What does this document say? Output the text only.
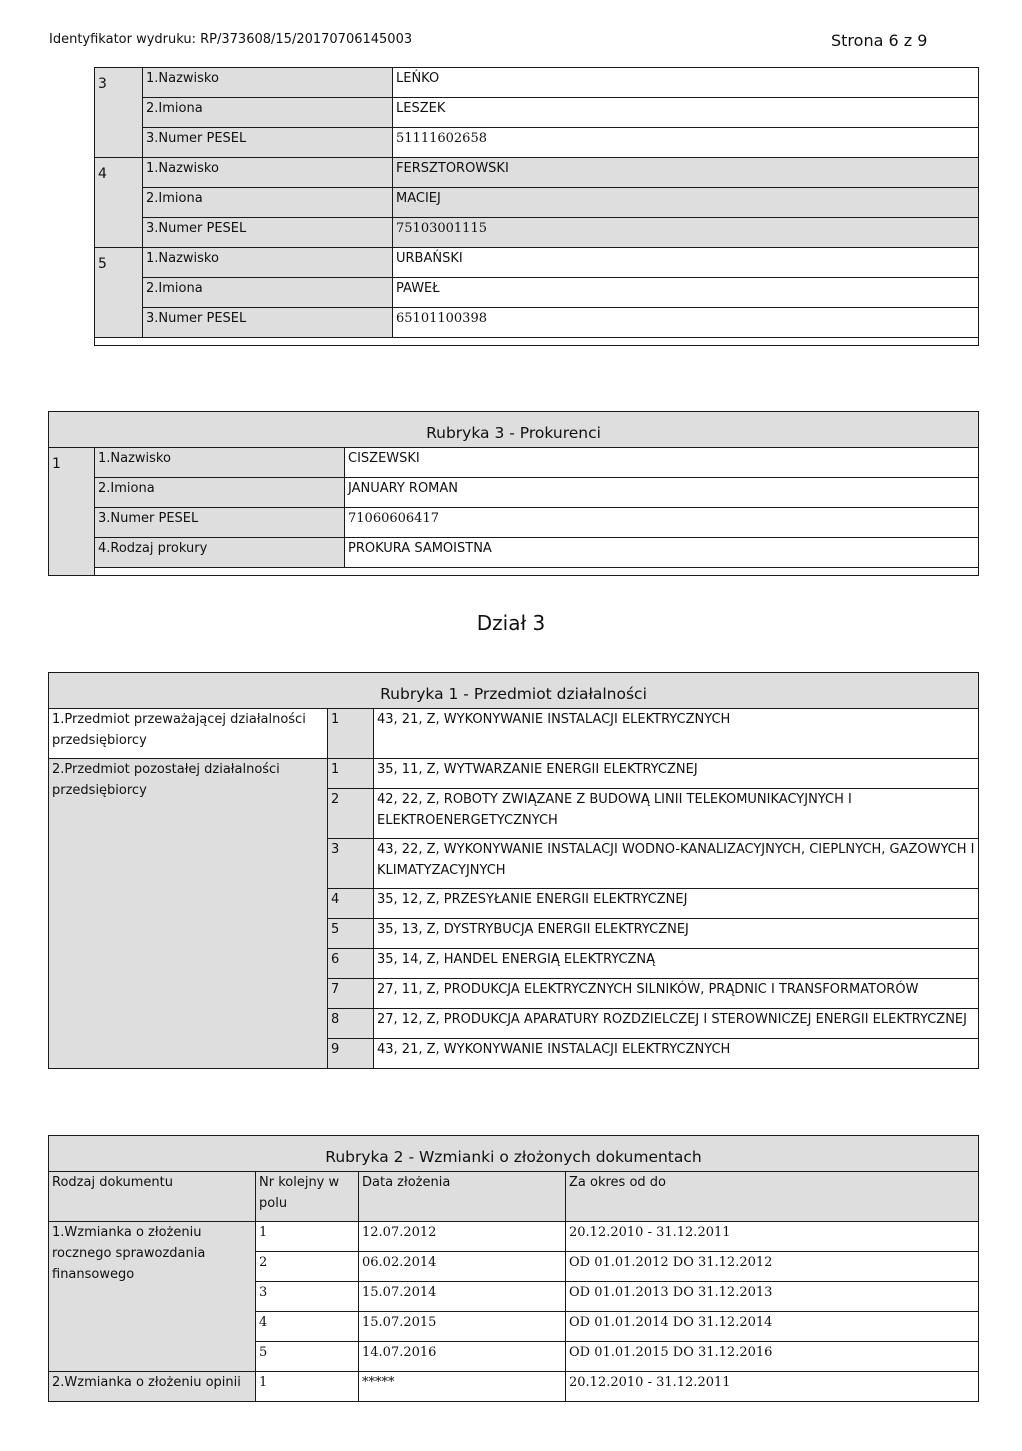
Identyfikator wydruku: RP/373608/15/20170706145003	Strona 6 z 9
3	1.Nazwisko	LEŃKO
	2.Imiona	LESZEK
	3.Numer PESEL	51111602658
4	1.Nazwisko	FERSZTOROWSKI
	2.Imiona	MACIEJ
	3.Numer PESEL	75103001115
5	1.Nazwisko	URBAŃSKI
	2.Imiona	PAWEŁ
	3.Numer PESEL	65101100398

Rubryka 3 - Prokurenci		
1	1.Nazwisko	CISZEWSKI
	2.Imiona	JANUARY ROMAN
	3.Numer PESEL	71060606417
	4.Rodzaj prokury	PROKURA SAMOISTNA

Dział 3
Rubryka 1 - Przedmiot działalności		
1.Przedmiot przeważającej działalności przedsiębiorcy	1	43, 21, Z, WYKONYWANIE INSTALACJI ELEKTRYCZNYCH
2.Przedmiot pozostałej działalności przedsiębiorcy	1	35, 11, Z, WYTWARZANIE ENERGII ELEKTRYCZNEJ
	2	42, 22, Z, ROBOTY ZWIĄZANE Z BUDOWĄ LINII TELEKOMUNIKACYJNYCH I ELEKTROENERGETYCZNYCH
	3	43, 22, Z, WYKONYWANIE INSTALACJI WODNO-KANALIZACYJNYCH, CIEPLNYCH, GAZOWYCH I KLIMATYZACYJNYCH
	4	35, 12, Z, PRZESYŁANIE ENERGII ELEKTRYCZNEJ
	5	35, 13, Z, DYSTRYBUCJA ENERGII ELEKTRYCZNEJ
	6	35, 14, Z, HANDEL ENERGIĄ ELEKTRYCZNĄ
	7	27, 11, Z, PRODUKCJA ELEKTRYCZNYCH SILNIKÓW, PRĄDNIC I TRANSFORMATORÓW
	8	27, 12, Z, PRODUKCJA APARATURY ROZDZIELCZEJ I STEROWNICZEJ ENERGII ELEKTRYCZNEJ
	9	43, 21, Z, WYKONYWANIE INSTALACJI ELEKTRYCZNYCH
Rubryka 2 - Wzmianki o złożonych dokumentach			
Rodzaj dokumentu	Nr kolejny w polu	Data złożenia	Za okres od do
1.Wzmianka o złożeniu rocznego sprawozdania finansowego	1	12.07.2012	20.12.2010 - 31.12.2011
	2	06.02.2014	OD 01.01.2012 DO 31.12.2012
	3	15.07.2014	OD 01.01.2013 DO 31.12.2013
	4	15.07.2015	OD 01.01.2014 DO 31.12.2014
	5	14.07.2016	OD 01.01.2015 DO 31.12.2016
2.Wzmianka o złożeniu opinii	1	*****	20.12.2010 - 31.12.2011
